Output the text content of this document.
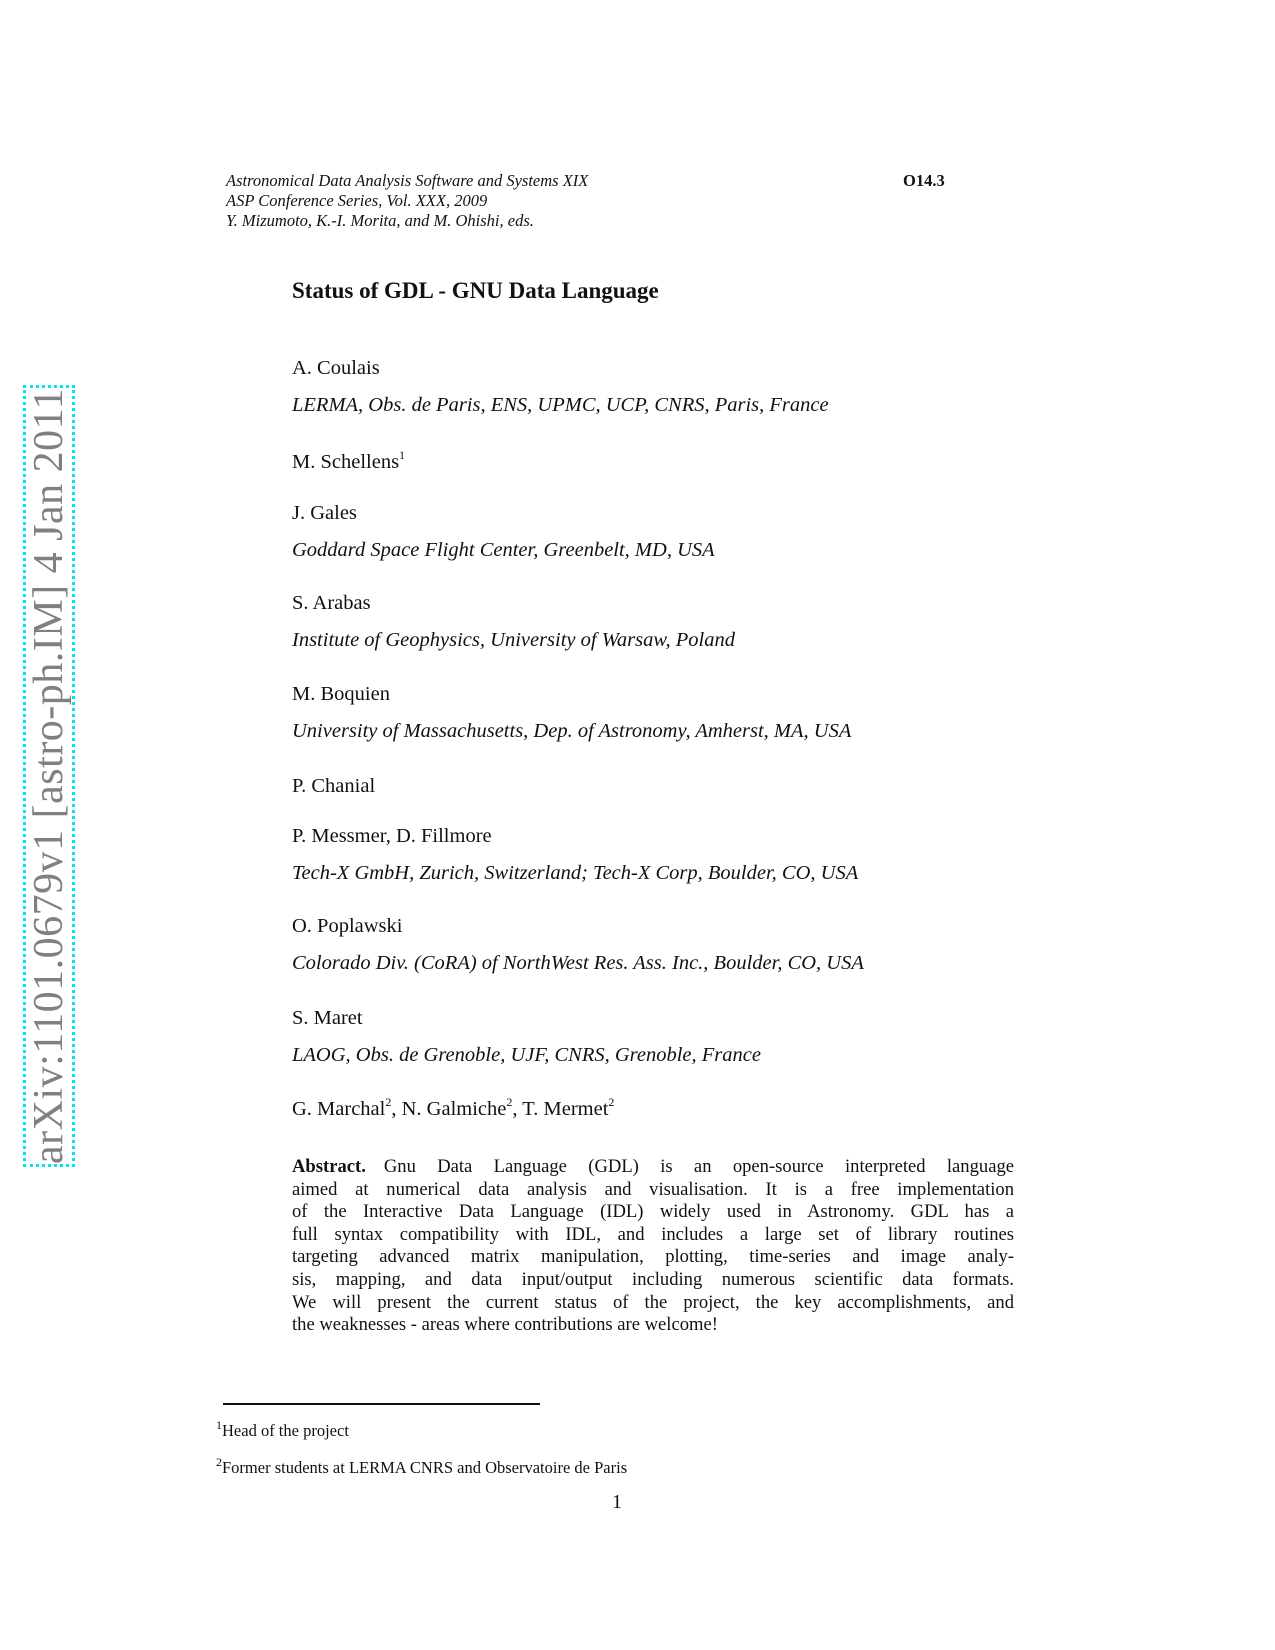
Astronomical Data Analysis Software and Systems XIX
ASP Conference Series, Vol. XXX, 2009
Y. Mizumoto, K.-I. Morita, and M. Ohishi, eds.
O14.3
arXiv:1101.0679v1 [astro-ph.IM] 4 Jan 2011
Status of GDL - GNU Data Language
A. Coulais
LERMA, Obs. de Paris, ENS, UPMC, UCP, CNRS, Paris, France
M. Schellens$^1$
J. Gales
Goddard Space Flight Center, Greenbelt, MD, USA
S. Arabas
Institute of Geophysics, University of Warsaw, Poland
M. Boquien
University of Massachusetts, Dep. of Astronomy, Amherst, MA, USA
P. Chanial
P. Messmer, D. Fillmore
Tech-X GmbH, Zurich, Switzerland; Tech-X Corp, Boulder, CO, USA
O. Poplawski
Colorado Div. (CoRA) of NorthWest Res. Ass. Inc., Boulder, CO, USA
S. Maret
LAOG, Obs. de Grenoble, UJF, CNRS, Grenoble, France
G. Marchal$^2$, N. Galmiche$^2$, T. Mermet$^2$
Abstract. Gnu Data Language (GDL) is an open-source interpreted language
aimed at numerical data analysis and visualisation. It is a free implementation
of the Interactive Data Language (IDL) widely used in Astronomy. GDL has a
full syntax compatibility with IDL, and includes a large set of library routines
targeting advanced matrix manipulation, plotting, time-series and image analy-
sis, mapping, and data input/output including numerous scientific data formats.
We will present the current status of the project, the key accomplishments, and
the weaknesses - areas where contributions are welcome!
$^1$Head of the project
$^2$Former students at LERMA CNRS and Observatoire de Paris
1
